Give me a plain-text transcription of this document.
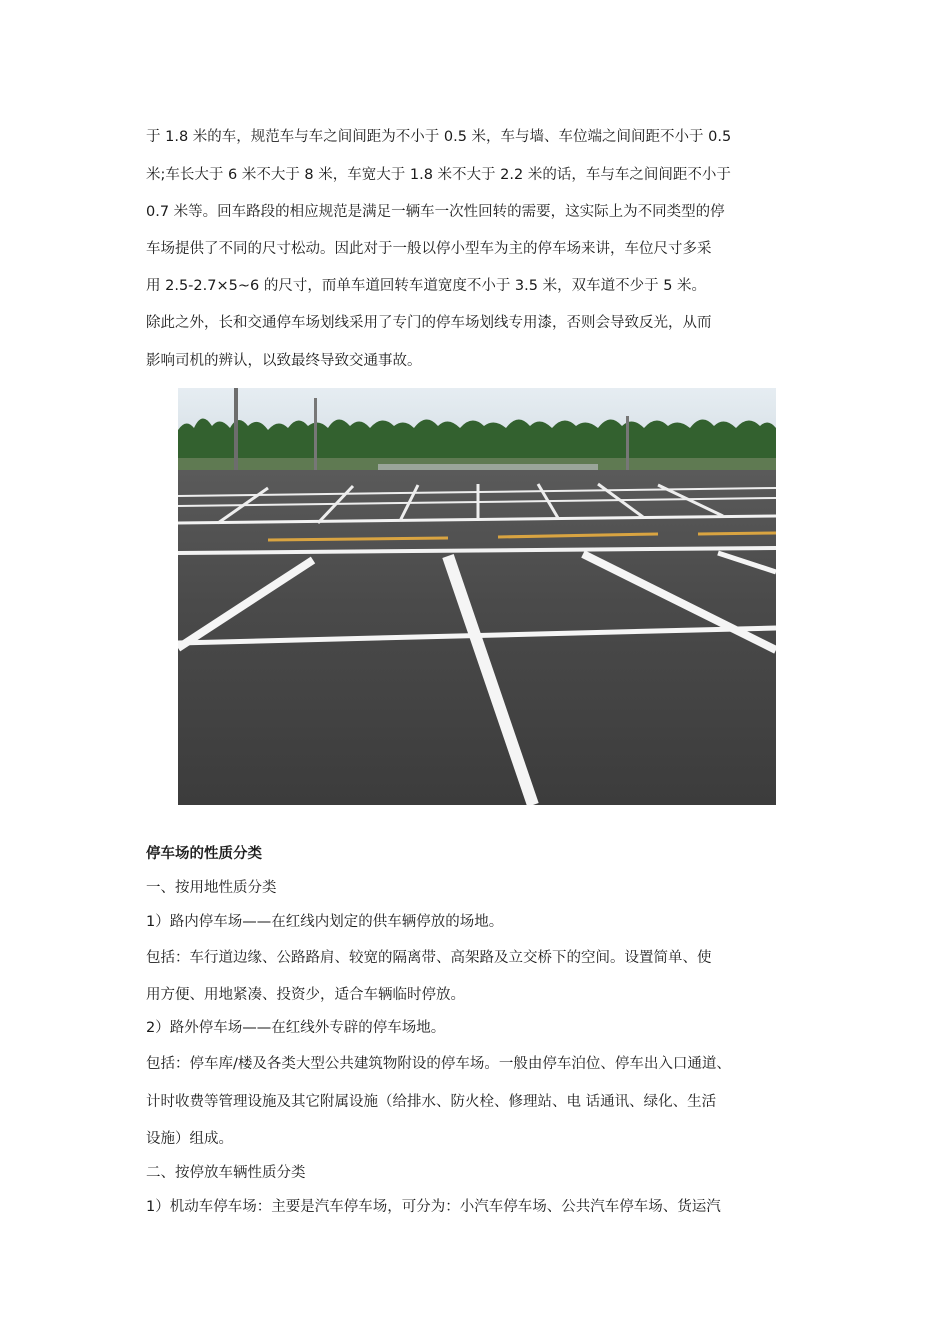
于 1.8 米的车，规范车与车之间间距为不小于 0.5 米，车与墙、车位端之间间距不小于 0.5
米;车长大于 6 米不大于 8 米，车宽大于 1.8 米不大于 2.2 米的话，车与车之间间距不小于
0.7 米等。回车路段的相应规范是满足一辆车一次性回转的需要，这实际上为不同类型的停
车场提供了不同的尺寸松动。因此对于一般以停小型车为主的停车场来讲，车位尺寸多采
用 2.5-2.7×5~6 的尺寸，而单车道回转车道宽度不小于 3.5 米，双车道不少于 5 米。
除此之外，长和交通停车场划线采用了专门的停车场划线专用漆，否则会导致反光，从而
影响司机的辨认，以致最终导致交通事故。
停车场的性质分类
一、按用地性质分类
1）路内停车场——在红线内划定的供车辆停放的场地。
包括：车行道边缘、公路路肩、较宽的隔离带、高架路及立交桥下的空间。设置简单、使
用方便、用地紧凑、投资少，适合车辆临时停放。
2）路外停车场——在红线外专辟的停车场地。
包括：停车库/楼及各类大型公共建筑物附设的停车场。一般由停车泊位、停车出入口通道、
计时收费等管理设施及其它附属设施（给排水、防火栓、修理站、电 话通讯、绿化、生活
设施）组成。
二、按停放车辆性质分类
1）机动车停车场：主要是汽车停车场，可分为：小汽车停车场、公共汽车停车场、货运汽
